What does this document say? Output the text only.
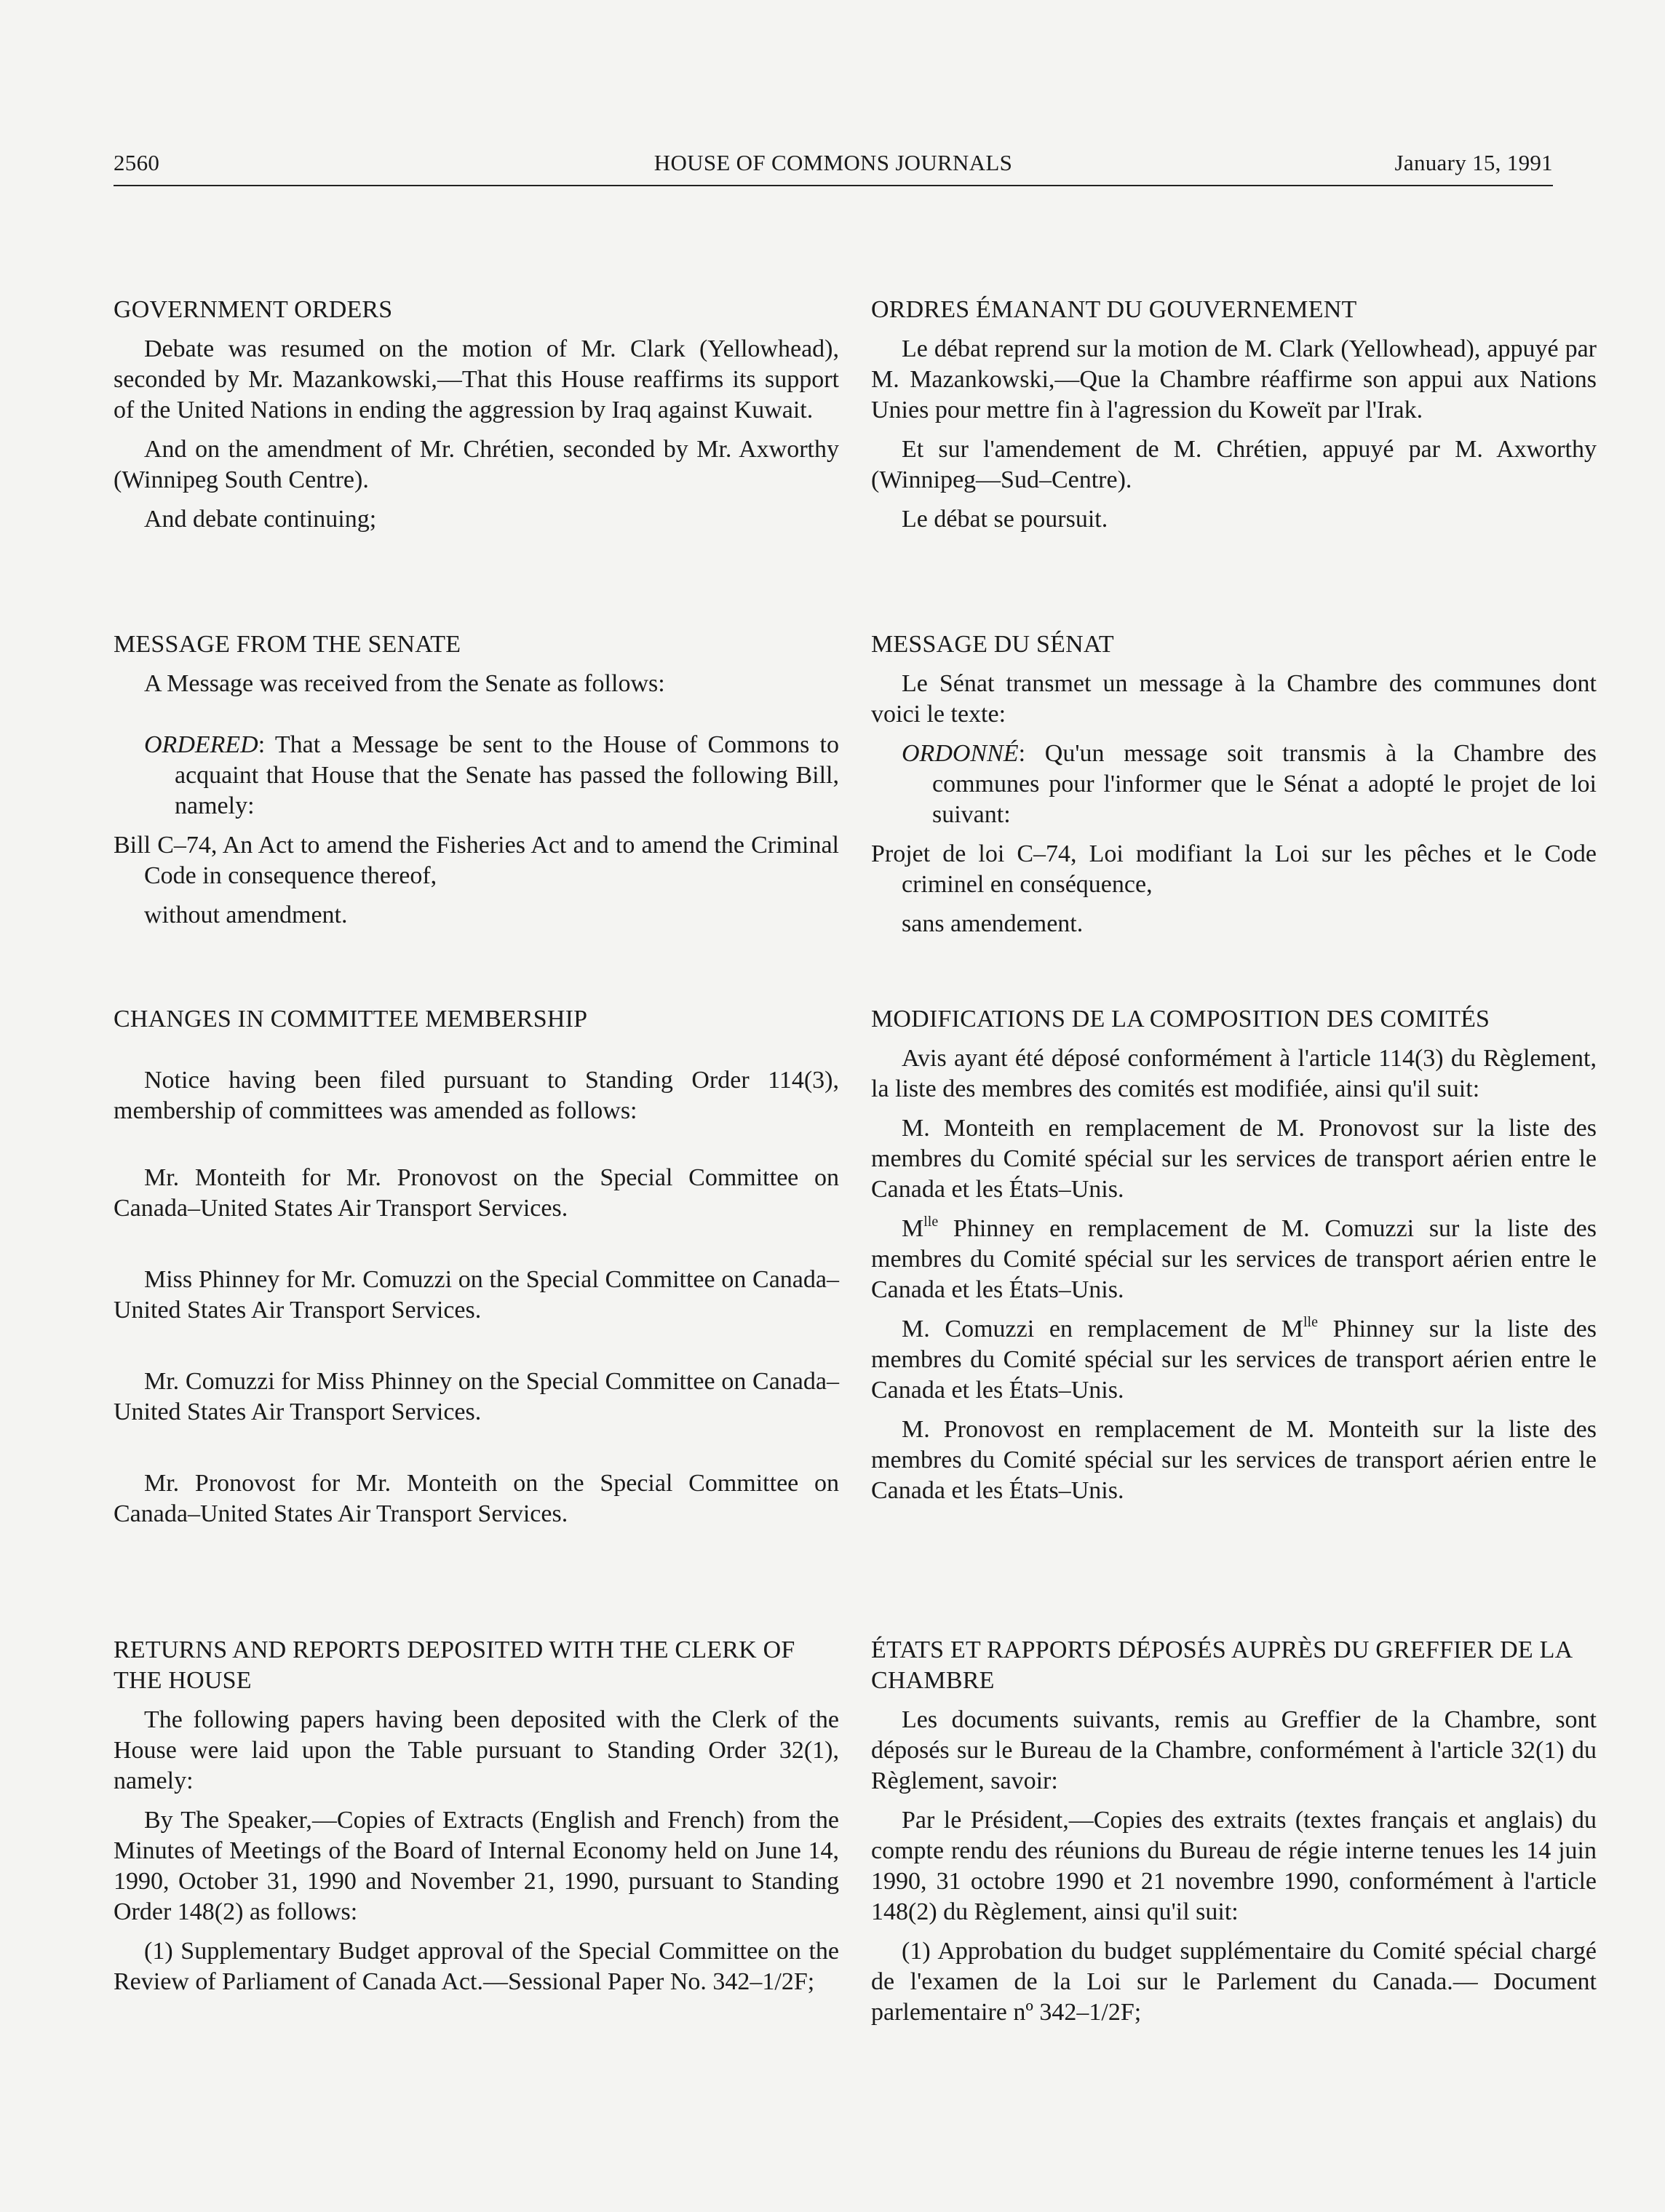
2560	HOUSE OF COMMONS JOURNALS	January 15, 1991
GOVERNMENT ORDERS

Debate was resumed on the motion of Mr. Clark (Yellowhead), seconded by Mr. Mazankowski,—That this House reaffirms its support of the United Nations in ending the aggression by Iraq against Kuwait.

And on the amendment of Mr. Chrétien, seconded by Mr. Axworthy (Winnipeg South Centre).

And debate continuing;

MESSAGE FROM THE SENATE

A Message was received from the Senate as follows:

ORDERED: That a Message be sent to the House of Commons to acquaint that House that the Senate has passed the following Bill, namely:

Bill C–74, An Act to amend the Fisheries Act and to amend the Criminal Code in consequence thereof,

without amendment.

CHANGES IN COMMITTEE MEMBERSHIP

Notice having been filed pursuant to Standing Order 114(3), membership of committees was amended as follows:

Mr. Monteith for Mr. Pronovost on the Special Committee on Canada–United States Air Transport Services.

Miss Phinney for Mr. Comuzzi on the Special Committee on Canada–United States Air Transport Services.

Mr. Comuzzi for Miss Phinney on the Special Committee on Canada–United States Air Transport Services.

Mr. Pronovost for Mr. Monteith on the Special Committee on Canada–United States Air Transport Services.

RETURNS AND REPORTS DEPOSITED WITH THE CLERK OF THE HOUSE

The following papers having been deposited with the Clerk of the House were laid upon the Table pursuant to Standing Order 32(1), namely:

By The Speaker,—Copies of Extracts (English and French) from the Minutes of Meetings of the Board of Internal Economy held on June 14, 1990, October 31, 1990 and November 21, 1990, pursuant to Standing Order 148(2) as follows:

(1) Supplementary Budget approval of the Special Committee on the Review of Parliament of Canada Act.—Sessional Paper No. 342–1/2F;

ORDRES ÉMANANT DU GOUVERNEMENT

Le débat reprend sur la motion de M. Clark (Yellowhead), appuyé par M. Mazankowski,—Que la Chambre réaffirme son appui aux Nations Unies pour mettre fin à l'agression du Koweït par l'Irak.

Et sur l'amendement de M. Chrétien, appuyé par M. Axworthy (Winnipeg—Sud–Centre).

Le débat se poursuit.

MESSAGE DU SÉNAT

Le Sénat transmet un message à la Chambre des communes dont voici le texte:

ORDONNÉ: Qu'un message soit transmis à la Chambre des communes pour l'informer que le Sénat a adopté le projet de loi suivant:

Projet de loi C–74, Loi modifiant la Loi sur les pêches et le Code criminel en conséquence,

sans amendement.

MODIFICATIONS DE LA COMPOSITION DES COMITÉS

Avis ayant été déposé conformément à l'article 114(3) du Règlement, la liste des membres des comités est modifiée, ainsi qu'il suit:

M. Monteith en remplacement de M. Pronovost sur la liste des membres du Comité spécial sur les services de transport aérien entre le Canada et les États–Unis.

$M^{lle}$ Phinney en remplacement de M. Comuzzi sur la liste des membres du Comité spécial sur les services de transport aérien entre le Canada et les États–Unis.

M. Comuzzi en remplacement de $M^{lle}$ Phinney sur la liste des membres du Comité spécial sur les services de transport aérien entre le Canada et les États–Unis.

M. Pronovost en remplacement de M. Monteith sur la liste des membres du Comité spécial sur les services de transport aérien entre le Canada et les États–Unis.

ÉTATS ET RAPPORTS DÉPOSÉS AUPRÈS DU GREFFIER DE LA CHAMBRE

Les documents suivants, remis au Greffier de la Chambre, sont déposés sur le Bureau de la Chambre, conformément à l'article 32(1) du Règlement, savoir:

Par le Président,—Copies des extraits (textes français et anglais) du compte rendu des réunions du Bureau de régie interne tenues les 14 juin 1990, 31 octobre 1990 et 21 novembre 1990, conformément à l'article 148(2) du Règlement, ainsi qu'il suit:

(1) Approbation du budget supplémentaire du Comité spécial chargé de l'examen de la Loi sur le Parlement du Canada.— Document parlementaire nº 342–1/2F;
